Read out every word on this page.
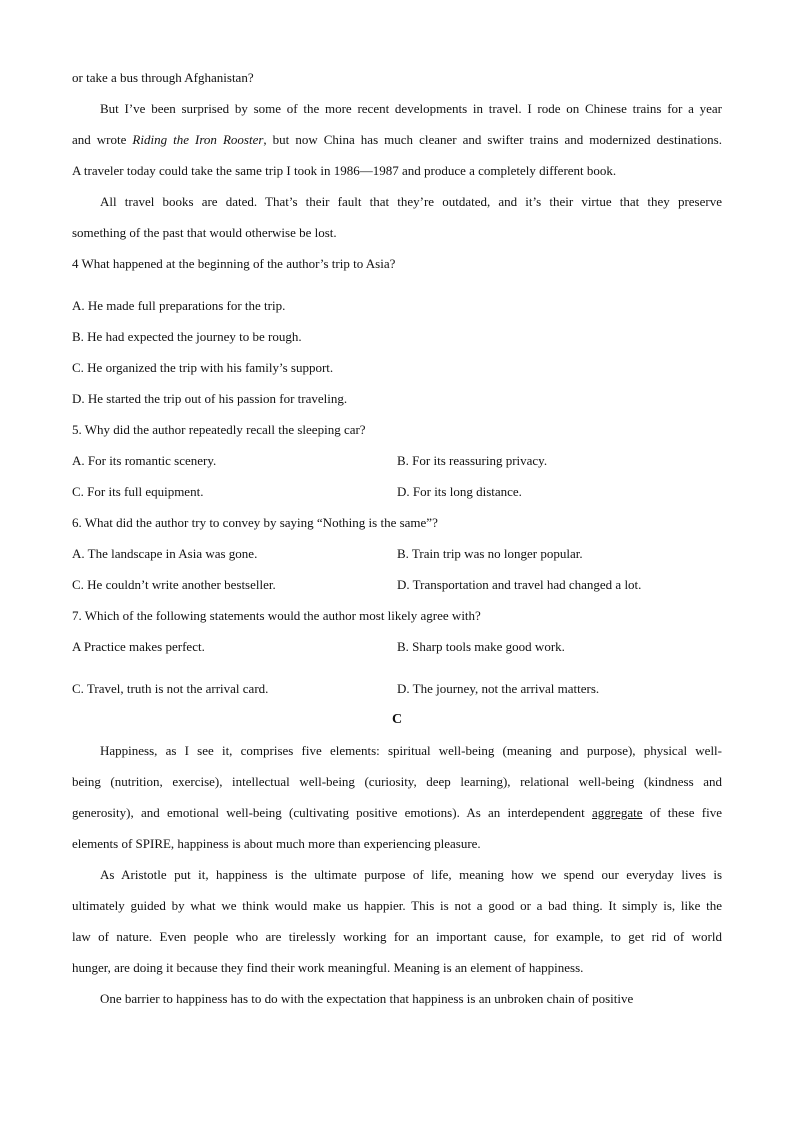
or take a bus through Afghanistan?
But I’ve been surprised by some of the more recent developments in travel. I rode on Chinese trains for a year
and wrote Riding the Iron Rooster, but now China has much cleaner and swifter trains and modernized destinations.
A traveler today could take the same trip I took in 1986—1987 and produce a completely different book.
All travel books are dated. That’s their fault that they’re outdated, and it’s their virtue that they preserve
something of the past that would otherwise be lost.
4 What happened at the beginning of the author’s trip to Asia?
A. He made full preparations for the trip.
B. He had expected the journey to be rough.
C. He organized the trip with his family’s support.
D. He started the trip out of his passion for traveling.
5. Why did the author repeatedly recall the sleeping car?
A. For its romantic scenery.	B. For its reassuring privacy.
C. For its full equipment.	D. For its long distance.
6. What did the author try to convey by saying “Nothing is the same”?
A. The landscape in Asia was gone.	B. Train trip was no longer popular.
C. He couldn’t write another bestseller.	D. Transportation and travel had changed a lot.
7. Which of the following statements would the author most likely agree with?
A Practice makes perfect.	B. Sharp tools make good work.
C. Travel, truth is not the arrival card.	D. The journey, not the arrival matters.
C
Happiness, as I see it, comprises five elements: spiritual well-being (meaning and purpose), physical well-
being (nutrition, exercise), intellectual well-being (curiosity, deep learning), relational well-being (kindness and
generosity), and emotional well-being (cultivating positive emotions). As an interdependent aggregate of these five
elements of SPIRE, happiness is about much more than experiencing pleasure.
As Aristotle put it, happiness is the ultimate purpose of life, meaning how we spend our everyday lives is
ultimately guided by what we think would make us happier. This is not a good or a bad thing. It simply is, like the
law of nature. Even people who are tirelessly working for an important cause, for example, to get rid of world
hunger, are doing it because they find their work meaningful. Meaning is an element of happiness.
One barrier to happiness has to do with the expectation that happiness is an unbroken chain of positive
